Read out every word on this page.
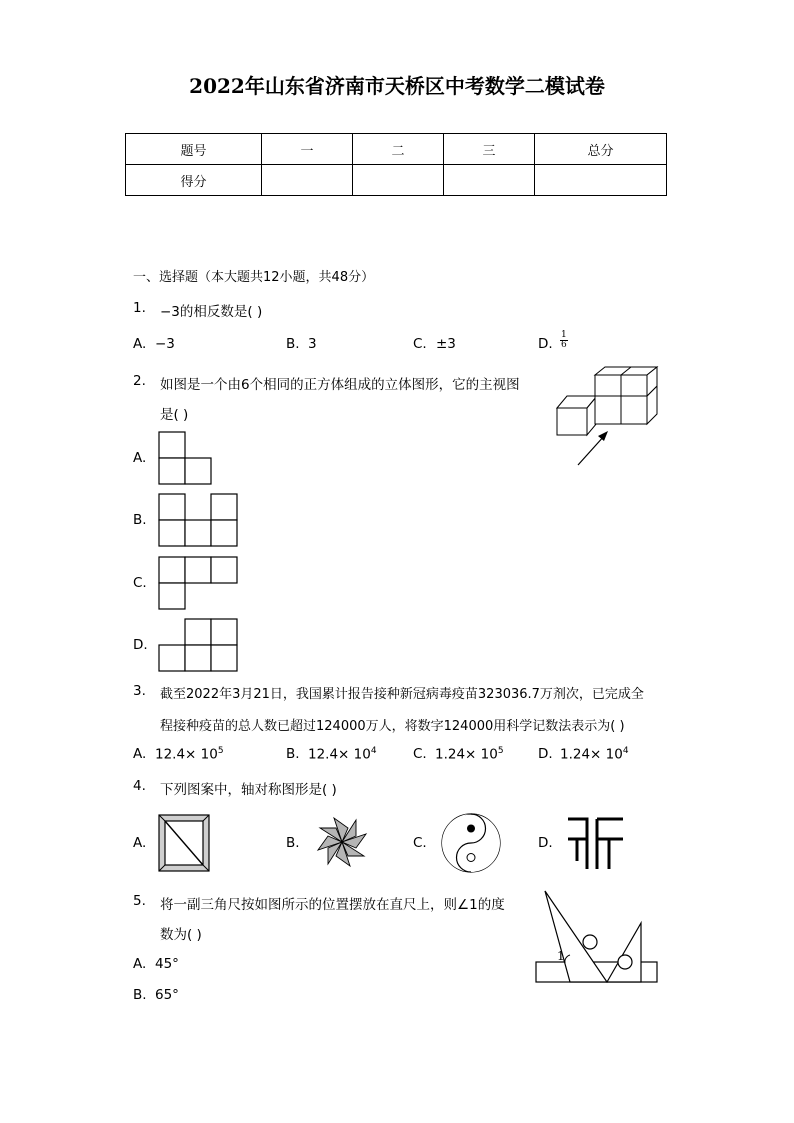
2022年山东省济南市天桥区中考数学二模试卷
题号	一	二	三	总分
得分				
一、选择题（本大题共12小题，共48分）
1. −3的相反数是( )
A. −3	B. 3	C. ±3	D. $\frac{1}{6}$
2. 如图是一个由6个相同的正方体组成的立体图形，它的主视图
是( )
A.
B.
C.
D.
3. 截至2022年3月21日，我国累计报告接种新冠病毒疫苗323036.7万剂次，已完成全
程接种疫苗的总人数已超过124000万人，将数字124000用科学记数法表示为( )
A. $12.4\times 10^5$	B. $12.4\times 10^4$	C. $1.24\times 10^5$	D. $1.24\times 10^4$
4. 下列图案中，轴对称图形是( )
A.	B.	C.	D.
5. 将一副三角尺按如图所示的位置摆放在直尺上，则∠1的度
数为( )
1
A. 45°
B. 65°
